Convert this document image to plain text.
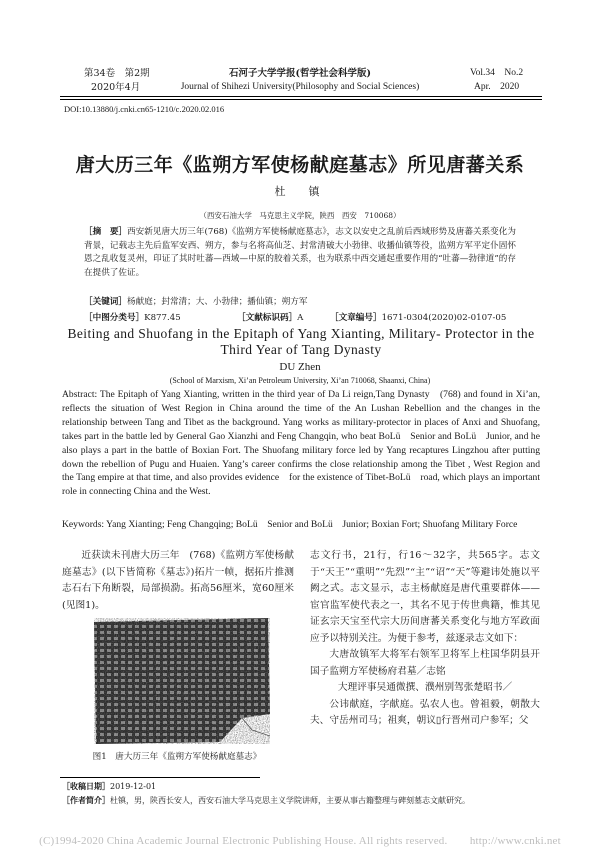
第34卷　第2期
2020年4月
石河子大学学报(哲学社会科学版)
Journal of Shihezi University(Philosophy and Social Sciences)
Vol.34　No.2
Apr.　2020
DOI:10.13880/j.cnki.cn65-1210/c.2020.02.016
唐大历三年《监朔方军使杨献庭墓志》所见唐蕃关系
杜　镇
（西安石油大学　马克思主义学院，陕西　西安　710068）
［摘　要］西安新见唐大历三年(768)《监朔方军使杨献庭墓志》，志文以安史之乱前后西域形势及唐蕃关系变化为背景，记载志主先后监军安西、朔方，参与名将高仙芝、封常清破大小勃律、收播仙镇等役，监朔方军平定仆固怀恩之乱收复灵州，印证了其时吐蕃—西域—中原的胶着关系，也为联系中西交通起重要作用的“吐蕃—勃律道”的存在提供了佐证。
［关键词］杨献庭；封常清；大、小勃律；播仙镇；朔方军
［中图分类号］K877.45	［文献标识码］A	［文章编号］1671-0304(2020)02-0107-05
Beiting and Shuofang in the Epitaph of Yang Xianting, Military- Protector in the Third Year of Tang Dynasty
DU Zhen
(School of Marxism, Xi’an Petroleum University, Xi’an 710068, Shaanxi, China)
Abstract: The Epitaph of Yang Xianting, written in the third year of Da Li reign,Tang Dynasty　(768) and found in Xi’an, reflects the situation of West Region in China around the time of the An Lushan Rebellion and the changes in the relationship between Tang and Tibet as the background. Yang works as military-protector in places of Anxi and Shuofang, takes part in the battle led by General Gao Xianzhi and Feng Changqin, who beat BoLü　Senior and BoLü　Junior, and he also plays a part in the battle of Boxian Fort. The Shuofang military force led by Yang recaptures Lingzhou after putting down the rebellion of Pugu and Huaien. Yang’s career confirms the close relationship among the Tibet , West Region and the Tang empire at that time, and also provides evidence　for the existence of Tibet-BoLü　road, which plays an important role in connecting China and the West.
Keywords: Yang Xianting; Feng Changqing; BoLü　Senior and BoLü　Junior; Boxian Fort; Shuofang Military Force

近获读未刊唐大历三年　(768)《监朔方军使杨献庭墓志》(以下皆简称《墓志》)拓片一帧，据拓片推测志石右下角断裂，局部损泐。拓高56厘米，宽60厘米(见图1)。

图1　唐大历三年《监朔方军使杨献庭墓志》

志文行书，21行，行16～32字，共565字。志文于“天王”“重明”“先烈”“主”“诏”“天”等避讳处施以平阙之式。志文显示，志主杨献庭是唐代重要群体——宦官监军使代表之一，其名不见于传世典籍，惟其见证玄宗天宝至代宗大历间唐蕃关系变化与地方军政面应予以特别关注。为便于参考，兹逐录志文如下：

大唐故镇军大将军右领军卫将军上柱国华阴县开国子监朔方军使杨府君墓／志铭

大理评事吴通微撰、濮州别驾张楚昭书／

公讳献庭，字献庭。弘农人也。曾祖毅，朝散大夫、守岳州司马；祖爽，朝议▯行晋州司户参军；父

［收稿日期］2019-12-01
［作者简介］杜镇，男，陕西长安人，西安石油大学马克思主义学院讲师，主要从事古籍整理与碑刻墓志文献研究。
(C)1994-2020 China Academic Journal Electronic Publishing House. All rights reserved.　　http://www.cnki.net
